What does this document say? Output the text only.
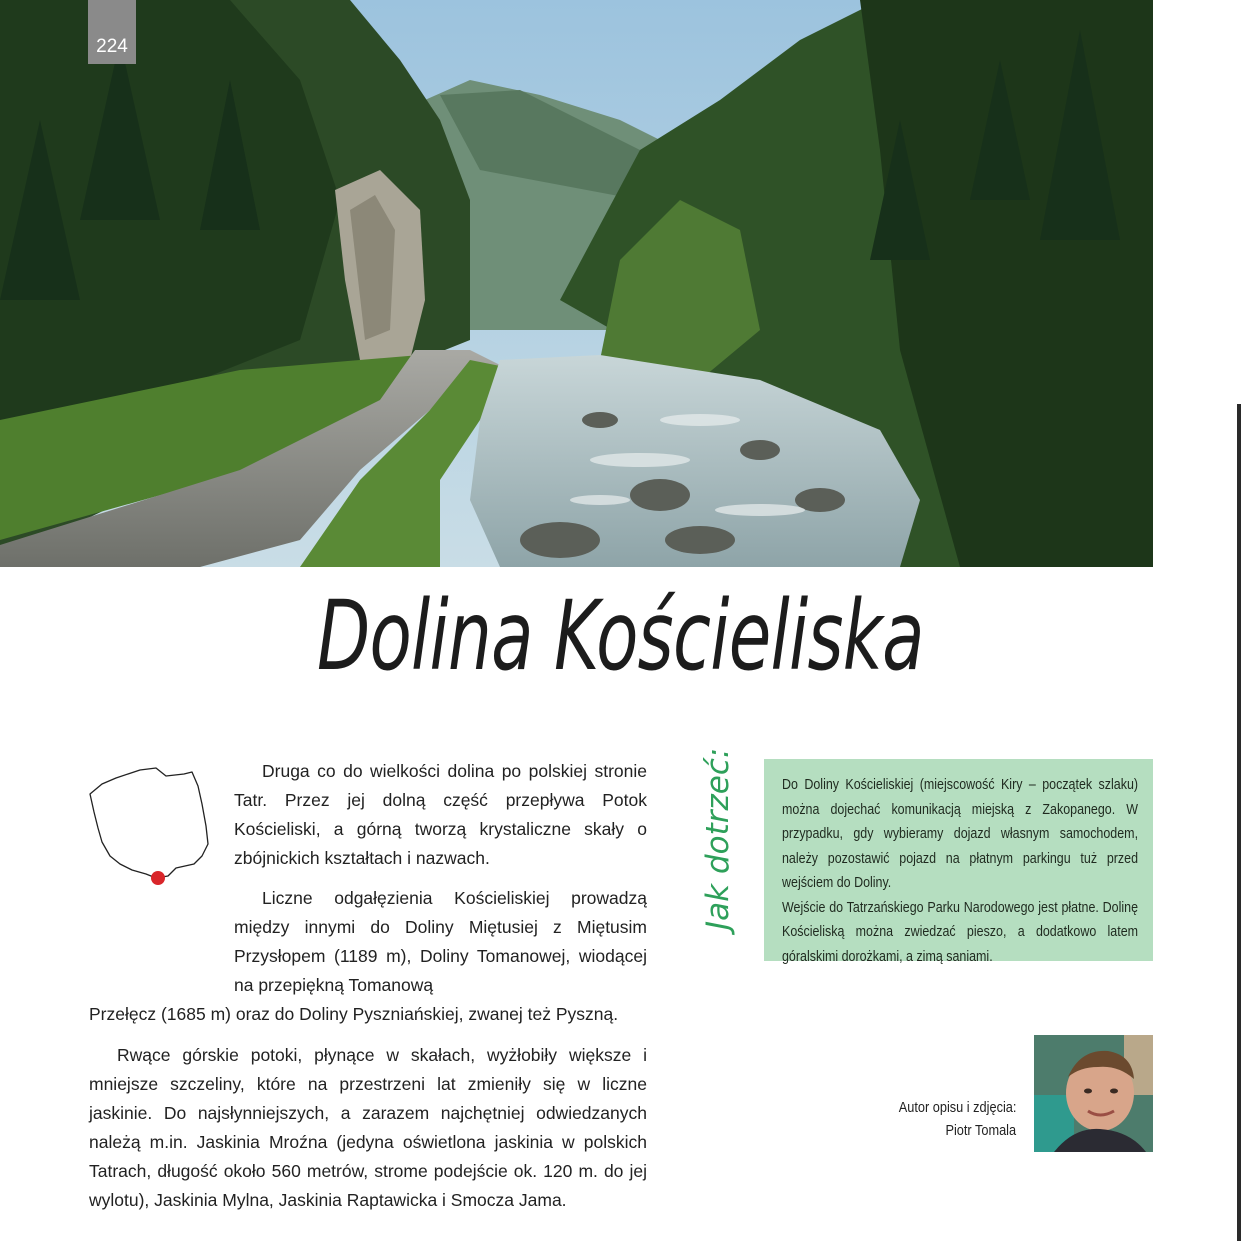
224
Dolina Kościeliska

Druga co do wielkości dolina po polskiej stronie Tatr. Przez jej dolną część przepływa Potok Kościeliski, a górną tworzą krystaliczne skały o zbójnickich kształtach i nazwach.

Liczne odgałęzienia Kościeliskiej prowadzą między innymi do Doliny Miętusiej z Miętusim Przysłopem (1189 m), Doliny Tomanowej, wiodącej na przepiękną Tomanową

Przełęcz (1685 m) oraz do Doliny Pyszniańskiej, zwanej też Pyszną.

Rwące górskie potoki, płynące w skałach, wyżłobiły większe i mniejsze szczeliny, które na przestrzeni lat zmieniły się w liczne jaskinie. Do najsłynniejszych, a zarazem najchętniej odwiedzanych należą m.in. Jaskinia Mroźna (jedyna oświetlona jaskinia w polskich Tatrach, długość około 560 metrów, strome podejście ok. 120 m. do jej wylotu), Jaskinia Mylna, Jaskinia Raptawicka i Smocza Jama.

Jak dotrzeć:	Do Doliny Kościeliskiej (miejscowość Kiry – początek szlaku) można dojechać komunikacją miejską z Zakopanego. W przypadku, gdy wybieramy dojazd własnym samochodem, należy pozostawić pojazd na płatnym parkingu tuż przed wejściem do Doliny.

Wejście do Tatrzańskiego Parku Narodowego jest płatne. Dolinę Kościeliską można zwiedzać pieszo, a dodatkowo latem góralskimi dorożkami, a zimą saniami.

Autor opisu i zdjęcia:
Piotr Tomala
